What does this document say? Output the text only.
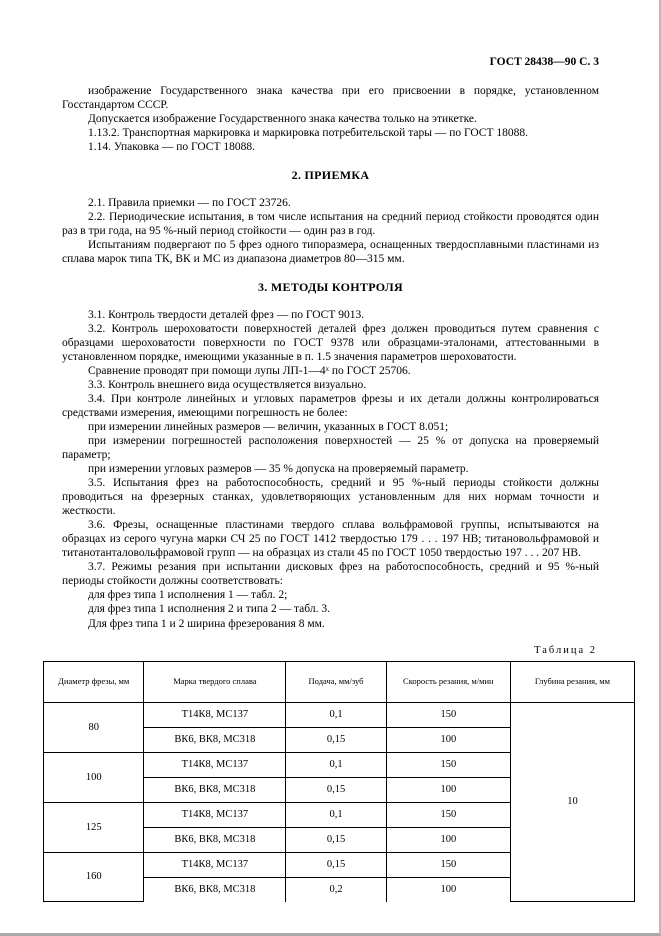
ГОСТ 28438—90 С. 3

изображение Государственного знака качества при его присвоении в порядке, установленном Госстандартом СССР.

Допускается изображение Государственного знака качества только на этикетке.

1.13.2. Транспортная маркировка и маркировка потребительской тары — по ГОСТ 18088.

1.14. Упаковка — по ГОСТ 18088.

2. ПРИЕМКА

2.1. Правила приемки — по ГОСТ 23726.

2.2. Периодические испытания, в том числе испытания на средний период стойкости проводятся один раз в три года, на 95 %-ный период стойкости — один раз в год.

Испытаниям подвергают по 5 фрез одного типоразмера, оснащенных твердосплавными пластинами из сплава марок типа ТК, ВК и МС из диапазона диаметров 80—315 мм.

3. МЕТОДЫ КОНТРОЛЯ

3.1. Контроль твердости деталей фрез — по ГОСТ 9013.

3.2. Контроль шероховатости поверхностей деталей фрез должен проводиться путем сравнения с образцами шероховатости поверхности по ГОСТ 9378 или образцами-эталонами, аттестованными в установленном порядке, имеющими указанные в п. 1.5 значения параметров шероховатости.

Сравнение проводят при помощи лупы ЛП-1—4ˣ по ГОСТ 25706.

3.3. Контроль внешнего вида осуществляется визуально.

3.4. При контроле линейных и угловых параметров фрезы и их детали должны контролироваться средствами измерения, имеющими погрешность не более:

при измерении линейных размеров — величин, указанных в ГОСТ 8.051;

при измерении погрешностей расположения поверхностей — 25 % от допуска на проверяемый параметр;

при измерении угловых размеров — 35 % допуска на проверяемый параметр.

3.5. Испытания фрез на работоспособность, средний и 95 %-ный периоды стойкости должны проводиться на фрезерных станках, удовлетворяющих установленным для них нормам точности и жесткости.

3.6. Фрезы, оснащенные пластинами твердого сплава вольфрамовой группы, испытываются на образцах из серого чугуна марки СЧ 25 по ГОСТ 1412 твердостью 179 . . . 197 НВ; титановольфрамовой и титанотанталовольфрамовой групп — на образцах из стали 45 по ГОСТ 1050 твердостью 197 . . . 207 НВ.

3.7. Режимы резания при испытании дисковых фрез на работоспособность, средний и 95 %-ный периоды стойкости должны соответствовать:

для фрез типа 1 исполнения 1 — табл. 2;

для фрез типа 1 исполнения 2 и типа 2 — табл. 3.

Для фрез типа 1 и 2 ширина фрезерования 8 мм.

Таблица 2
Диаметр фрезы, мм	Марка твердого сплава	Подача, мм/зуб	Скорость резания, м/мин	Глубина резания, мм
80	Т14К8, МС137	0,1	150	10
	ВК6, ВК8, МС318	0,15	100	
100	Т14К8, МС137	0,1	150	
	ВК6, ВК8, МС318	0,15	100	
125	Т14К8, МС137	0,1	150	
	ВК6, ВК8, МС318	0,15	100	
160	Т14К8, МС137	0,15	150	
	ВК6, ВК8, МС318	0,2	100	
